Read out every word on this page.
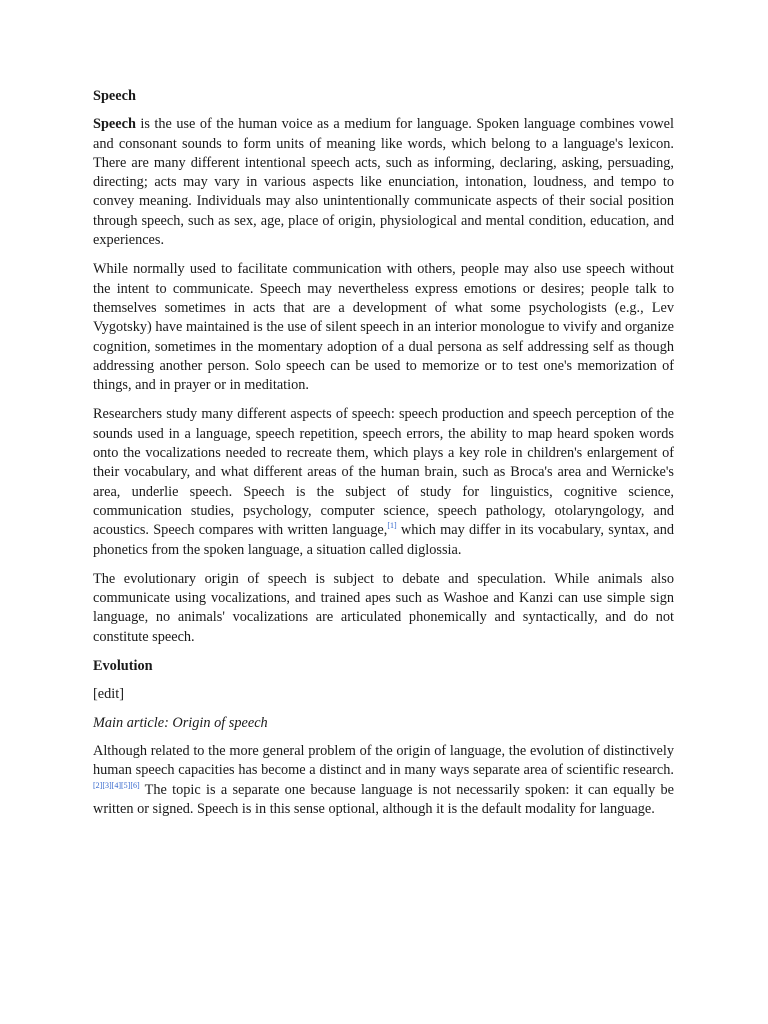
Speech

Speech is the use of the human voice as a medium for language. Spoken language combines vowel and consonant sounds to form units of meaning like words, which belong to a language's lexicon. There are many different intentional speech acts, such as informing, declaring, asking, persuading, directing; acts may vary in various aspects like enunciation, intonation, loudness, and tempo to convey meaning. Individuals may also unintentionally communicate aspects of their social position through speech, such as sex, age, place of origin, physiological and mental condition, education, and experiences.

While normally used to facilitate communication with others, people may also use speech without the intent to communicate. Speech may nevertheless express emotions or desires; people talk to themselves sometimes in acts that are a development of what some psychologists (e.g., Lev Vygotsky) have maintained is the use of silent speech in an interior monologue to vivify and organize cognition, sometimes in the momentary adoption of a dual persona as self addressing self as though addressing another person. Solo speech can be used to memorize or to test one's memorization of things, and in prayer or in meditation.

Researchers study many different aspects of speech: speech production and speech perception of the sounds used in a language, speech repetition, speech errors, the ability to map heard spoken words onto the vocalizations needed to recreate them, which plays a key role in children's enlargement of their vocabulary, and what different areas of the human brain, such as Broca's area and Wernicke's area, underlie speech. Speech is the subject of study for linguistics, cognitive science, communication studies, psychology, computer science, speech pathology, otolaryngology, and acoustics. Speech compares with written language,[1] which may differ in its vocabulary, syntax, and phonetics from the spoken language, a situation called diglossia.

The evolutionary origin of speech is subject to debate and speculation. While animals also communicate using vocalizations, and trained apes such as Washoe and Kanzi can use simple sign language, no animals' vocalizations are articulated phonemically and syntactically, and do not constitute speech.

Evolution
[edit]
Main article: Origin of speech

Although related to the more general problem of the origin of language, the evolution of distinctively human speech capacities has become a distinct and in many ways separate area of scientific research.[2][3][4][5][6] The topic is a separate one because language is not necessarily spoken: it can equally be written or signed. Speech is in this sense optional, although it is the default modality for language.
